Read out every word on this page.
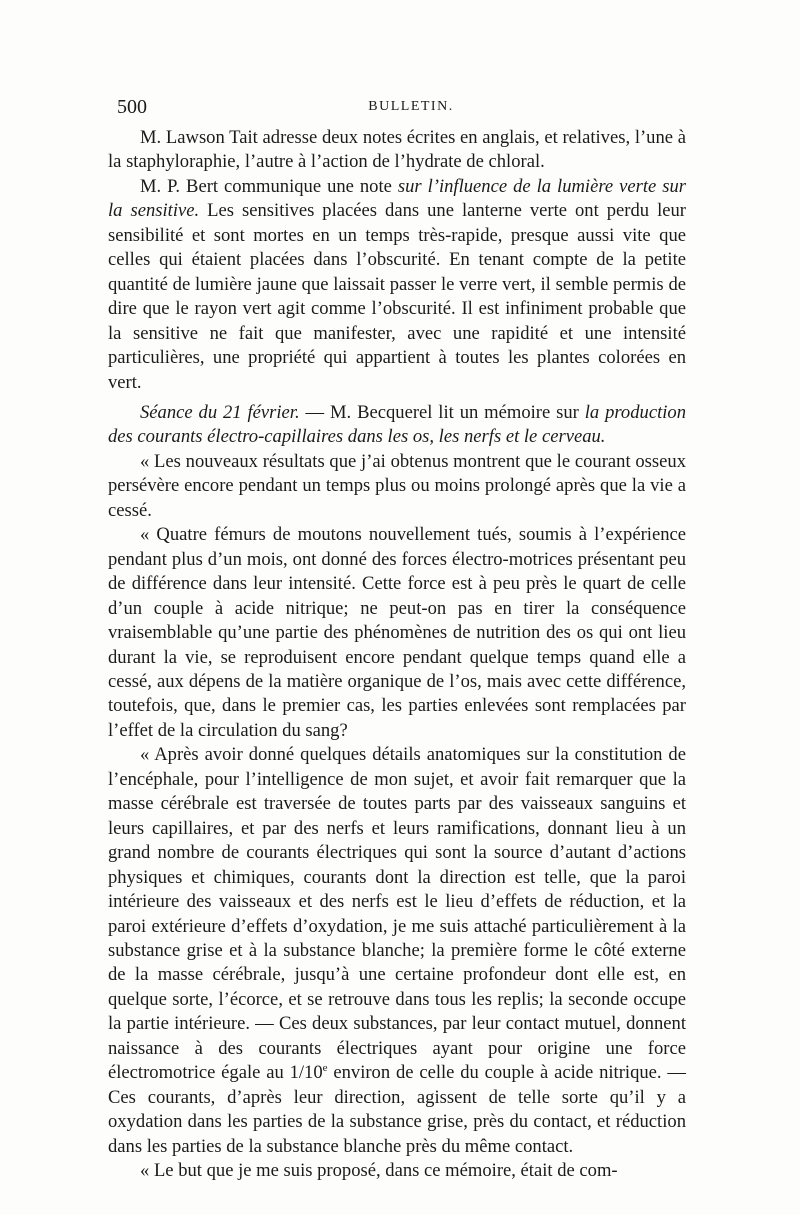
500	BULLETIN.

M. Lawson Tait adresse deux notes écrites en anglais, et relatives, l’une à la staphyloraphie, l’autre à l’action de l’hydrate de chloral.

M. P. Bert communique une note sur l’influence de la lumière verte sur la sensitive. Les sensitives placées dans une lanterne verte ont perdu leur sensibilité et sont mortes en un temps très-rapide, presque aussi vite que celles qui étaient placées dans l’obscurité. En tenant compte de la petite quantité de lumière jaune que laissait passer le verre vert, il semble permis de dire que le rayon vert agit comme l’obscurité. Il est infiniment probable que la sensitive ne fait que manifester, avec une rapidité et une intensité particulières, une propriété qui appartient à toutes les plantes colorées en vert.

Séance du 21 février. — M. Becquerel lit un mémoire sur la production des courants électro-capillaires dans les os, les nerfs et le cerveau.

« Les nouveaux résultats que j’ai obtenus montrent que le courant osseux persévère encore pendant un temps plus ou moins prolongé après que la vie a cessé.

« Quatre fémurs de moutons nouvellement tués, soumis à l’expérience pendant plus d’un mois, ont donné des forces électro-motrices présentant peu de différence dans leur intensité. Cette force est à peu près le quart de celle d’un couple à acide nitrique; ne peut-on pas en tirer la conséquence vraisemblable qu’une partie des phénomènes de nutrition des os qui ont lieu durant la vie, se reproduisent encore pendant quelque temps quand elle a cessé, aux dépens de la matière organique de l’os, mais avec cette différence, toutefois, que, dans le premier cas, les parties enlevées sont remplacées par l’effet de la circulation du sang?

« Après avoir donné quelques détails anatomiques sur la constitution de l’encéphale, pour l’intelligence de mon sujet, et avoir fait remarquer que la masse cérébrale est traversée de toutes parts par des vaisseaux sanguins et leurs capillaires, et par des nerfs et leurs ramifications, donnant lieu à un grand nombre de courants électriques qui sont la source d’autant d’actions physiques et chimiques, courants dont la direction est telle, que la paroi intérieure des vaisseaux et des nerfs est le lieu d’effets de réduction, et la paroi extérieure d’effets d’oxydation, je me suis attaché particulièrement à la substance grise et à la substance blanche; la première forme le côté externe de la masse cérébrale, jusqu’à une certaine profondeur dont elle est, en quelque sorte, l’écorce, et se retrouve dans tous les replis; la seconde occupe la partie intérieure. — Ces deux substances, par leur contact mutuel, donnent naissance à des courants électriques ayant pour origine une force électromotrice égale au 1/10e environ de celle du couple à acide nitrique. — Ces courants, d’après leur direction, agissent de telle sorte qu’il y a oxydation dans les parties de la substance grise, près du contact, et réduction dans les parties de la substance blanche près du même contact.

« Le but que je me suis proposé, dans ce mémoire, était de com-
